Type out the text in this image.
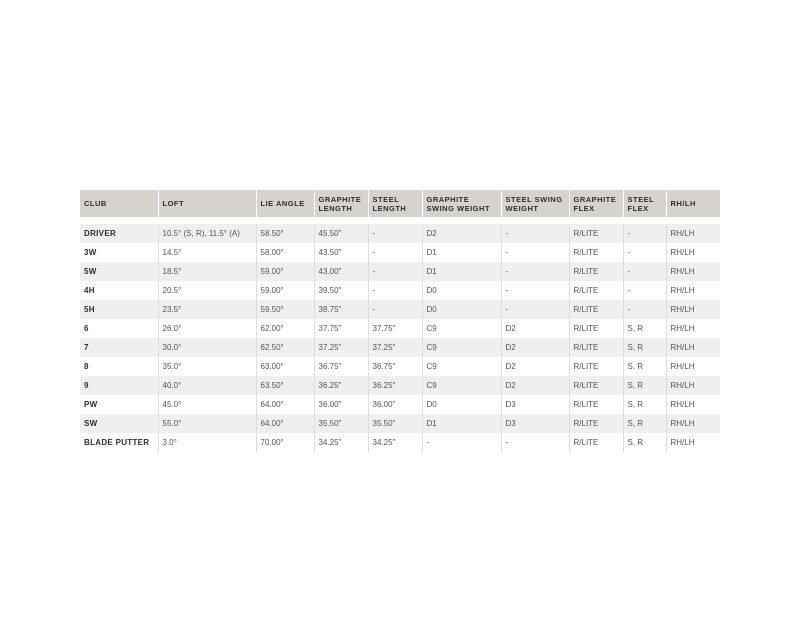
CLUB	LOFT	LIE ANGLE	GRAPHITE LENGTH	STEEL LENGTH	GRAPHITE SWING WEIGHT	STEEL SWING WEIGHT	GRAPHITE FLEX	STEEL FLEX	RH/LH

DRIVER	10.5° (S, R), 11.5° (A)	58.50°	45.50"	-	D2	-	R/LITE	-	RH/LH
3W	14.5°	58.00°	43.50"	-	D1	-	R/LITE	-	RH/LH
5W	18.5°	59.00°	43.00"	-	D1	-	R/LITE	-	RH/LH
4H	20.5°	59.00°	39.50"	-	D0	-	R/LITE	-	RH/LH
5H	23.5°	59.50°	38.75"	-	D0	-	R/LITE	-	RH/LH
6	26.0°	62.00°	37.75"	37.75"	C9	D2	R/LITE	S, R	RH/LH
7	30.0°	62.50°	37.25"	37.25"	C9	D2	R/LITE	S, R	RH/LH
8	35.0°	63.00°	36.75"	36.75"	C9	D2	R/LITE	S, R	RH/LH
9	40.0°	63.50°	36.25"	36.25"	C9	D2	R/LITE	S, R	RH/LH
PW	45.0°	64.00°	36.00"	36.00"	D0	D3	R/LITE	S, R	RH/LH
SW	55.0°	64.00°	35.50"	35.50"	D1	D3	R/LITE	S, R	RH/LH
BLADE PUTTER	3.0°	70.00°	34.25"	34.25"	-	-	R/LITE	S, R	RH/LH
